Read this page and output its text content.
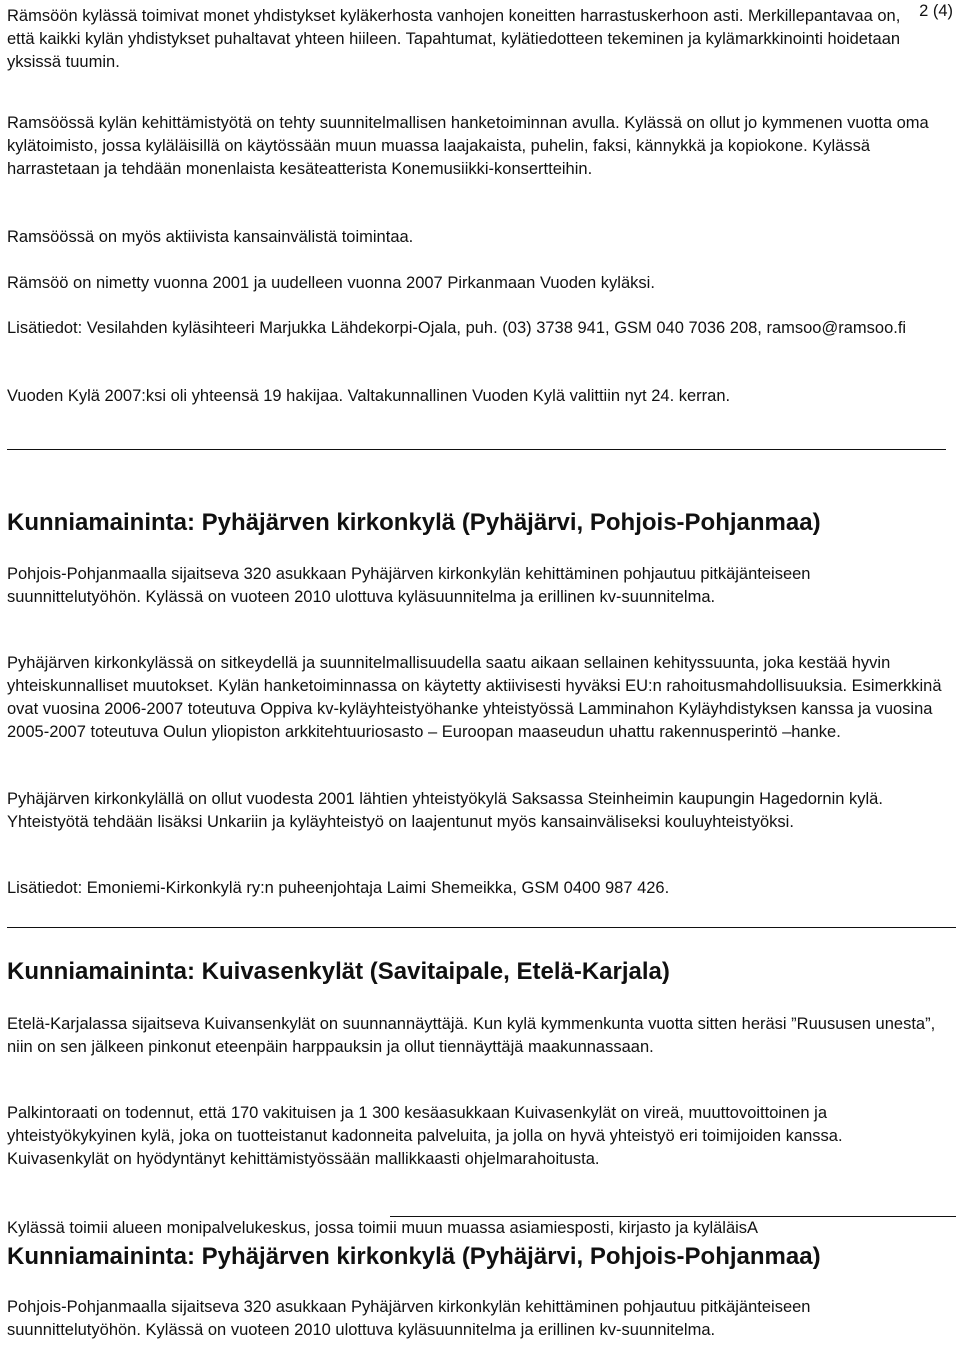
2 (4)

Rämsöön kylässä toimivat monet yhdistykset kyläkerhosta vanhojen koneitten harrastuskerhoon asti. Merkillepantavaa on, että kaikki kylän yhdistykset puhaltavat yhteen hiileen. Tapahtumat, kylätiedotteen tekeminen ja kylämarkkinointi hoidetaan yksissä tuumin.

Ramsöössä kylän kehittämistyötä on tehty suunnitelmallisen hanketoiminnan avulla. Kylässä on ollut jo kymmenen vuotta oma kylätoimisto, jossa kyläläisillä on käytössään muun muassa laajakaista, puhelin, faksi, kännykkä ja kopiokone. Kylässä harrastetaan ja tehdään monenlaista kesäteatterista Konemusiikki-konsertteihin.

Ramsöössä on myös aktiivista kansainvälistä toimintaa.

Rämsöö on nimetty vuonna 2001 ja uudelleen vuonna 2007 Pirkanmaan Vuoden kyläksi.

Lisätiedot: Vesilahden kyläsihteeri Marjukka Lähdekorpi-Ojala, puh. (03) 3738 941, GSM 040 7036 208, ramsoo@ramsoo.fi

Vuoden Kylä 2007:ksi oli yhteensä 19 hakijaa. Valtakunnallinen Vuoden Kylä valittiin nyt 24. kerran.

Kunniamaininta: Pyhäjärven kirkonkylä (Pyhäjärvi, Pohjois-Pohjanmaa)

Pohjois-Pohjanmaalla sijaitseva 320 asukkaan Pyhäjärven kirkonkylän kehittäminen pohjautuu pitkäjänteiseen suunnittelutyöhön. Kylässä on vuoteen 2010 ulottuva kyläsuunnitelma ja erillinen kv-suunnitelma.

Pyhäjärven kirkonkylässä on sitkeydellä ja suunnitelmallisuudella saatu aikaan sellainen kehityssuunta, joka kestää hyvin yhteiskunnalliset muutokset. Kylän hanketoiminnassa on käytetty aktiivisesti hyväksi EU:n rahoitusmahdollisuuksia. Esimerkkinä ovat vuosina 2006-2007 toteutuva Oppiva kv-kyläyhteistyöhanke yhteistyössä Lamminahon Kyläyhdistyksen kanssa ja vuosina 2005-2007 toteutuva Oulun yliopiston arkkitehtuuriosasto – Euroopan maaseudun uhattu rakennusperintö –hanke.

Pyhäjärven kirkonkylällä on ollut vuodesta 2001 lähtien yhteistyökylä Saksassa Steinheimin kaupungin Hagedornin kylä. Yhteistyötä tehdään lisäksi Unkariin ja kyläyhteistyö on laajentunut myös kansainväliseksi kouluyhteistyöksi.

Lisätiedot: Emoniemi-Kirkonkylä ry:n puheenjohtaja Laimi Shemeikka, GSM 0400 987 426.

Kunniamaininta: Kuivasenkylät (Savitaipale, Etelä-Karjala)

Etelä-Karjalassa sijaitseva Kuivansenkylät on suunnannäyttäjä. Kun kylä kymmenkunta vuotta sitten heräsi ”Ruususen unesta”, niin on sen jälkeen pinkonut eteenpäin harppauksin ja ollut tiennäyttäjä maakunnassaan.

Palkintoraati on todennut, että 170 vakituisen ja 1 300 kesäasukkaan Kuivasenkylät on vireä, muuttovoittoinen ja yhteistyökykyinen kylä, joka on tuotteistanut kadonneita palveluita, ja jolla on hyvä yhteistyö eri toimijoiden kanssa. Kuivasenkylät on hyödyntänyt kehittämistyössään mallikkaasti ohjelmarahoitusta.

Kylässä toimii alueen monipalvelukeskus, jossa toimii muun muassa asiamiesposti, kirjasto ja kyläläisA

Kunniamaininta: Pyhäjärven kirkonkylä (Pyhäjärvi, Pohjois-Pohjanmaa)

Pohjois-Pohjanmaalla sijaitseva 320 asukkaan Pyhäjärven kirkonkylän kehittäminen pohjautuu pitkäjänteiseen suunnittelutyöhön. Kylässä on vuoteen 2010 ulottuva kyläsuunnitelma ja erillinen kv-suunnitelma.
